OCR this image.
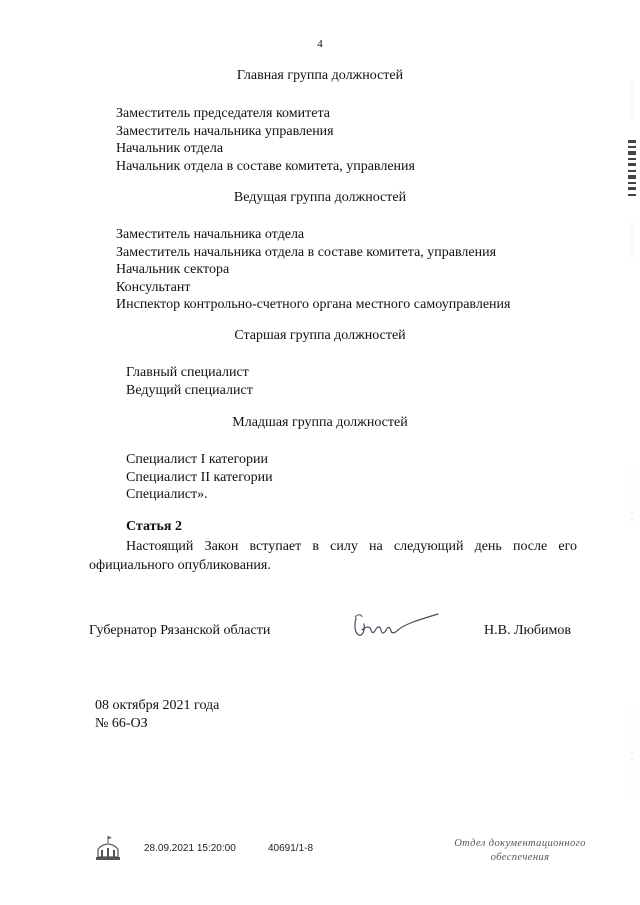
4
Главная группа должностей
Заместитель председателя комитета
Заместитель начальника управления
Начальник отдела
Начальник отдела в составе комитета, управления
Ведущая группа должностей
Заместитель начальника отдела
Заместитель начальника отдела в составе комитета, управления
Начальник сектора
Консультант
Инспектор контрольно-счетного органа местного самоуправления
Старшая группа должностей
Главный специалист
Ведущий специалист
Младшая группа должностей
Специалист I категории
Специалист II категории
Специалист».
Статья 2
Настоящий Закон вступает в силу на следующий день после его
официального опубликования.
Губернатор Рязанской области	Н.В. Любимов
08 октября 2021 года
№ 66-ОЗ
28.09.2021 15:20:00	40691/1-8	Отдел документационного
обеспечения
